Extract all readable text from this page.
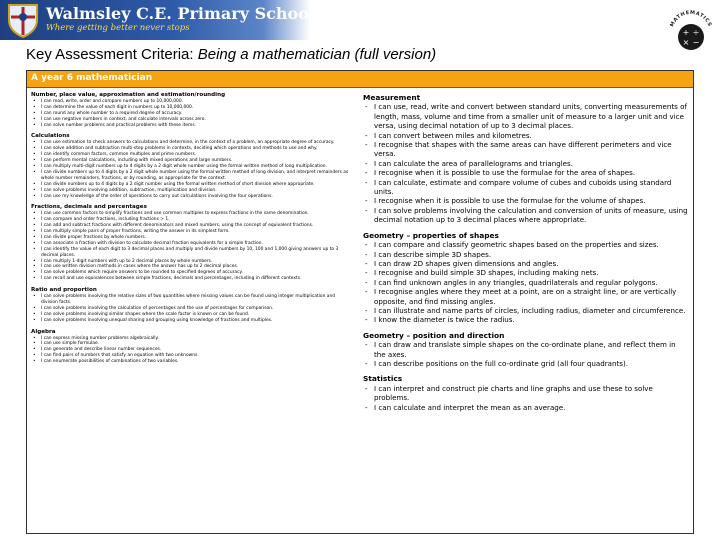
Walmsley C.E. Primary School
Where getting better never stops	MATHEMATICS
+ ÷
× −
Key Assessment Criteria: Being a mathematician (full version)
A year 6 mathematician
Number, place value, approximation and estimation/rounding
• I can read, write, order and compare numbers up to 10,000,000.
• I can determine the value of each digit in numbers up to 10,000,000.
• I can round any whole number to a required degree of accuracy.
• I can use negative numbers in context, and calculate intervals across zero.
• I can solve number problems and practical problems with these items.
Calculations
• I can use estimation to check answers to calculations and determine, in the context of a problem, an appropriate degree of accuracy.
• I can solve addition and subtraction multi-step problems in contexts, deciding which operations and methods to use and why.
• I can identify common factors, common multiples and prime numbers.
• I can perform mental calculations, including with mixed operations and large numbers.
• I can multiply multi-digit numbers up to 4 digits by a 2 digit whole number using the formal written method of long multiplication.
• I can divide numbers up to 4 digits by a 2 digit whole number using the formal written method of long division, and interpret remainders as whole number remainders, fractions, or by rounding, as appropriate for the context.
• I can divide numbers up to 4 digits by a 2 digit number using the formal written method of short division where appropriate.
• I can solve problems involving addition, subtraction, multiplication and division.
• I can use my knowledge of the order of operations to carry out calculations involving the four operations.
Fractions, decimals and percentages
• I can use common factors to simplify fractions and use common multiples to express fractions in the same denomination.
• I can compare and order fractions, including fractions > 1.
• I can add and subtract fractions with different denominators and mixed numbers, using the concept of equivalent fractions.
• I can multiply simple pairs of proper fractions, writing the answer in its simplest form.
• I can divide proper fractions by whole numbers.
• I can associate a fraction with division to calculate decimal fraction equivalents for a simple fraction.
• I can identify the value of each digit to 3 decimal places and multiply and divide numbers by 10, 100 and 1,000 giving answers up to 3 decimal places.
• I can multiply 1-digit numbers with up to 2 decimal places by whole numbers.
• I can use written division methods in cases where the answer has up to 2 decimal places.
• I can solve problems which require answers to be rounded to specified degrees of accuracy.
• I can recall and use equivalences between simple fractions, decimals and percentages, including in different contexts.
Ratio and proportion
• I can solve problems involving the relative sizes of two quantities where missing values can be found using integer multiplication and division facts.
• I can solve problems involving the calculation of percentages and the use of percentages for comparison.
• I can solve problems involving similar shapes where the scale factor is known or can be found.
• I can solve problems involving unequal sharing and grouping using knowledge of fractions and multiples.
Algebra
• I can express missing number problems algebraically.
• I can use simple formulae.
• I can generate and describe linear number sequences.
• I can find pairs of numbers that satisfy an equation with two unknowns.
• I can enumerate possibilities of combinations of two variables.
Measurement
- I can use, read, write and convert between standard units, converting measurements of length, mass, volume and time from a smaller unit of measure to a larger unit and vice versa, using decimal notation of up to 3 decimal places.
- I can convert between miles and kilometres.
- I recognise that shapes with the same areas can have different perimeters and vice versa.
- I can calculate the area of parallelograms and triangles.
- I recognise when it is possible to use the formulae for the area of shapes.
- I can calculate, estimate and compare volume of cubes and cuboids using standard units.
- I recognise when it is possible to use the formulae for the volume of shapes.
- I can solve problems involving the calculation and conversion of units of measure, using decimal notation up to 3 decimal places where appropriate.
Geometry – properties of shapes
- I can compare and classify geometric shapes based on the properties and sizes.
- I can describe simple 3D shapes.
- I can draw 2D shapes given dimensions and angles.
- I recognise and build simple 3D shapes, including making nets.
- I can find unknown angles in any triangles, quadrilaterals and regular polygons.
- I recognise angles where they meet at a point, are on a straight line, or are vertically opposite, and find missing angles.
- I can illustrate and name parts of circles, including radius, diameter and circumference.
- I know the diameter is twice the radius.
Geometry – position and direction
- I can draw and translate simple shapes on the co-ordinate plane, and reflect them in the axes.
- I can describe positions on the full co-ordinate grid (all four quadrants).
Statistics
- I can interpret and construct pie charts and line graphs and use these to solve problems.
- I can calculate and interpret the mean as an average.
